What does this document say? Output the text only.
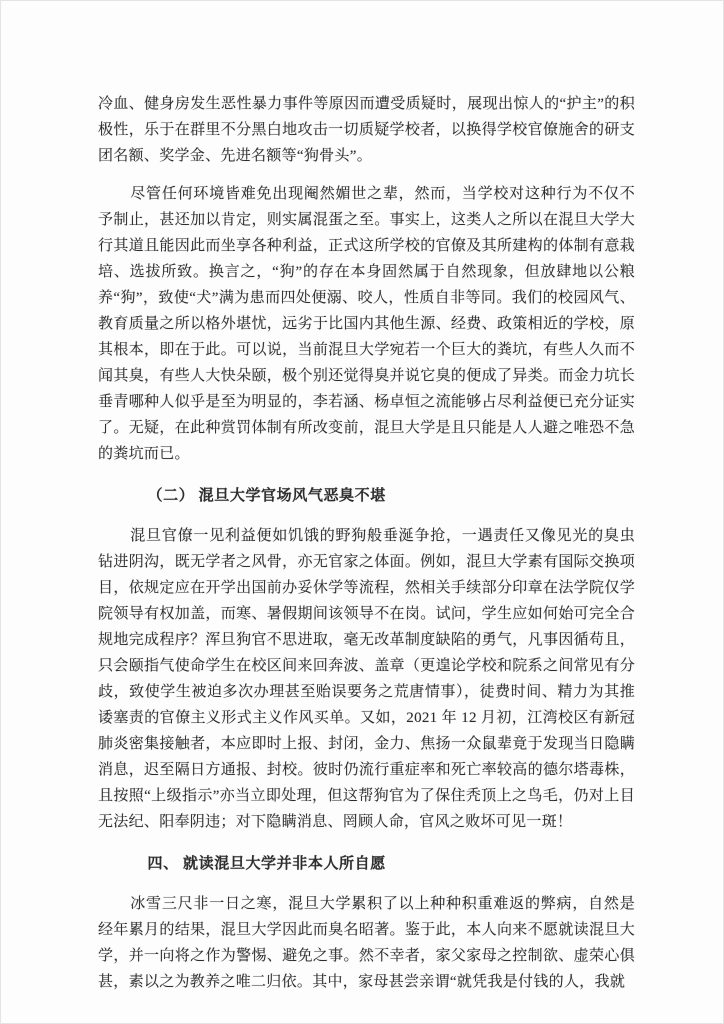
冷血、健身房发生恶性暴力事件等原因而遭受质疑时，展现出惊人的“护主”的积极性，乐于在群里不分黑白地攻击一切质疑学校者，以换得学校官僚施舍的研支团名额、奖学金、先进名额等“狗骨头”。

尽管任何环境皆难免出现阉然媚世之辈，然而，当学校对这种行为不仅不予制止，甚还加以肯定，则实属混蛋之至。事实上，这类人之所以在混旦大学大行其道且能因此而坐享各种利益，正式这所学校的官僚及其所建构的体制有意栽培、选拔所致。换言之，“狗”的存在本身固然属于自然现象，但放肆地以公粮养“狗”，致使“犬”满为患而四处便溺、咬人，性质自非等同。我们的校园风气、教育质量之所以格外堪忧，远劣于比国内其他生源、经费、政策相近的学校，原其根本，即在于此。可以说，当前混旦大学宛若一个巨大的粪坑，有些人久而不闻其臭，有些人大快朵颐，极个别还觉得臭并说它臭的便成了异类。而金力坑长垂青哪种人似乎是至为明显的，李若涵、杨卓恒之流能够占尽利益便已充分证实了。无疑，在此种赏罚体制有所改变前，混旦大学是且只能是人人避之唯恐不急的粪坑而已。

（二） 混旦大学官场风气恶臭不堪

混旦官僚一见利益便如饥饿的野狗般垂涎争抢，一遇责任又像见光的臭虫钻进阴沟，既无学者之风骨，亦无官家之体面。例如，混旦大学素有国际交换项目，依规定应在开学出国前办妥休学等流程，然相关手续部分印章在法学院仅学院领导有权加盖，而寒、暑假期间该领导不在岗。试问，学生应如何始可完全合规地完成程序？浑旦狗官不思进取，毫无改革制度缺陷的勇气，凡事因循苟且，只会颐指气使命学生在校区间来回奔波、盖章（更遑论学校和院系之间常见有分歧，致使学生被迫多次办理甚至贻误要务之荒唐情事），徒费时间、精力为其推诿塞责的官僚主义形式主义作风买单。又如，2021 年 12 月初，江湾校区有新冠肺炎密集接触者，本应即时上报、封闭，金力、焦扬一众鼠辈竟于发现当日隐瞒消息，迟至隔日方通报、封校。彼时仍流行重症率和死亡率较高的德尔塔毒株，且按照“上级指示”亦当立即处理，但这帮狗官为了保住秃顶上之鸟毛，仍对上目无法纪、阳奉阴违；对下隐瞒消息、罔顾人命，官风之败坏可见一斑！

四、 就读混旦大学并非本人所自愿

冰雪三尺非一日之寒，混旦大学累积了以上种种积重难返的弊病，自然是经年累月的结果，混旦大学因此而臭名昭著。鉴于此，本人向来不愿就读混旦大学，并一向将之作为警惕、避免之事。然不幸者，家父家母之控制欲、虚荣心俱甚，素以之为教养之唯二归依。其中，家母甚尝亲谓“就凭我是付钱的人，我就
